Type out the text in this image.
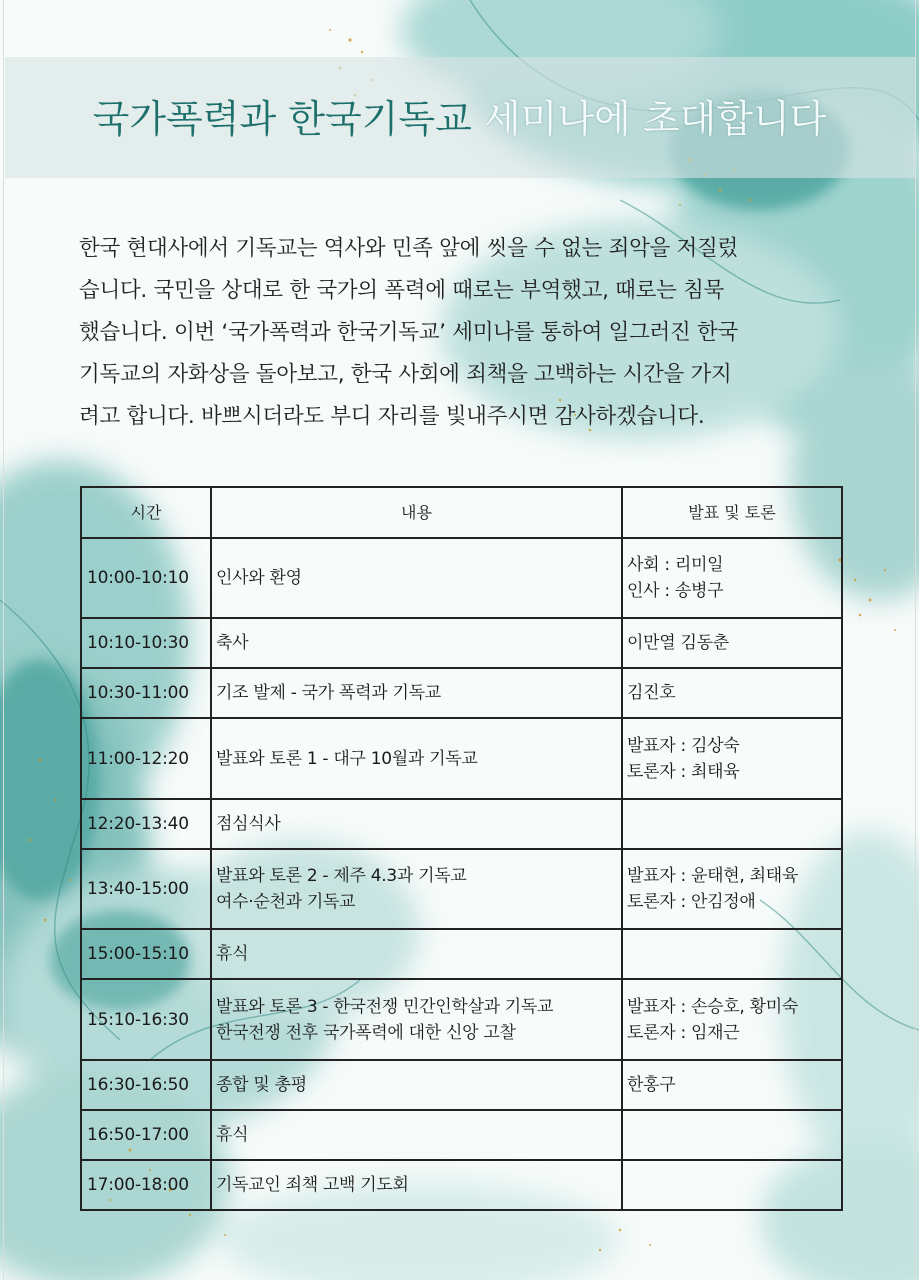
국가폭력과 한국기독교 세미나에 초대합니다

한국 현대사에서 기독교는 역사와 민족 앞에 씻을 수 없는 죄악을 저질렀
습니다. 국민을 상대로 한 국가의 폭력에 때로는 부역했고, 때로는 침묵
했습니다. 이번 ‘국가폭력과 한국기독교’ 세미나를 통하여 일그러진 한국
기독교의 자화상을 돌아보고, 한국 사회에 죄책을 고백하는 시간을 가지
려고 합니다. 바쁘시더라도 부디 자리를 빛내주시면 감사하겠습니다.

시간	내용	발표 및 토론
10:00-10:10	인사와 환영	사회 : 리미일
인사 : 송병구

10:10-10:30	축사	이만열 김동춘

10:30-11:00	기조 발제 - 국가 폭력과 기독교	김진호

11:00-12:20	발표와 토론 1 - 대구 10월과 기독교	발표자 : 김상숙
토론자 : 최태육

12:20-13:40	점심식사	

13:40-15:00	발표와 토론 2 - 제주 4.3과 기독교
여수·순천과 기독교	발표자 : 윤태현, 최태육
토론자 : 안김정애

15:00-15:10	휴식	

15:10-16:30	발표와 토론 3 - 한국전쟁 민간인학살과 기독교
한국전쟁 전후 국가폭력에 대한 신앙 고찰	발표자 : 손승호, 황미숙
토론자 : 임재근

16:30-16:50	종합 및 총평	한홍구

16:50-17:00	휴식	

17:00-18:00	기독교인 죄책 고백 기도회	
